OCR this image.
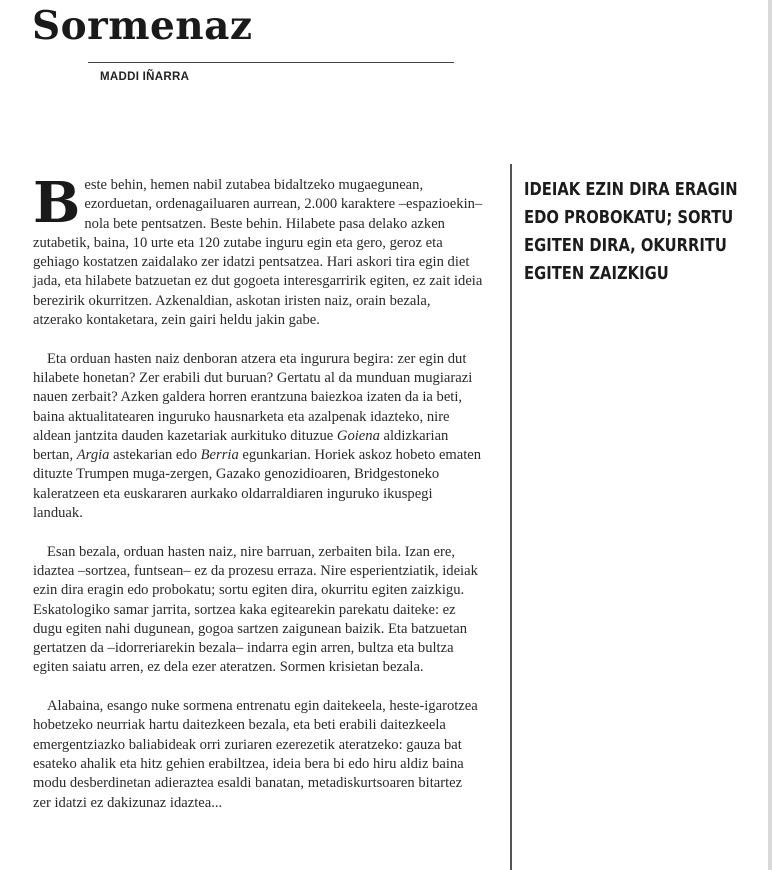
Sormenaz
MADDI IÑARRA

B este behin, hemen nabil zutabea bidaltzeko mugaegunean, ezorduetan, ordenagailuaren aurrean, 2.000 karaktere –espazioekin– nola bete pentsatzen. Beste behin. Hilabete pasa delako azken zutabetik, baina, 10 urte eta 120 zutabe inguru egin eta gero, geroz eta gehiago kostatzen zaidalako zer idatzi pentsatzea. Hari askori tira egin diet jada, eta hilabete batzuetan ez dut gogoeta interesgarririk egiten, ez zait ideia berezirik okurritzen. Azkenaldian, askotan iristen naiz, orain bezala, atzerako kontaketara, zein gairi heldu jakin gabe.

Eta orduan hasten naiz denboran atzera eta ingurura begira: zer egin dut hilabete honetan? Zer erabili dut buruan? Gertatu al da munduan mugiarazi nauen zerbait? Azken galdera horren erantzuna baiezkoa izaten da ia beti, baina aktualitatearen inguruko hausnarketa eta azalpenak idazteko, nire aldean jantzita dauden kazetariak aurkituko dituzue Goiena aldizkarian bertan, Argia astekarian edo Berria egunkarian. Horiek askoz hobeto ematen dituzte Trumpen muga-zergen, Gazako genozidioaren, Bridgestoneko kaleratzeen eta euskararen aurkako oldarraldiaren inguruko ikuspegi landuak.

Esan bezala, orduan hasten naiz, nire barruan, zerbaiten bila. Izan ere, idaztea –sortzea, funtsean– ez da prozesu erraza. Nire esperientziatik, ideiak ezin dira eragin edo probokatu; sortu egiten dira, okurritu egiten zaizkigu. Eskatologiko samar jarrita, sortzea kaka egitearekin parekatu daiteke: ez dugu egiten nahi dugunean, gogoa sartzen zaigunean baizik. Eta batzuetan gertatzen da –idorreriarekin bezala– indarra egin arren, bultza eta bultza egiten saiatu arren, ez dela ezer ateratzen. Sormen krisietan bezala.

Alabaina, esango nuke sormena entrenatu egin daitekeela, heste-igarotzea hobetzeko neurriak hartu daitezkeen bezala, eta beti erabili daitezkeela emergentziazko baliabideak orri zuriaren ezerezetik ateratzeko: gauza bat esateko ahalik eta hitz gehien erabiltzea, ideia bera bi edo hiru aldiz baina modu desberdinetan adieraztea esaldi banatan, metadiskurtsoaren bitartez zer idatzi ez dakizunaz idaztea...

IDEIAK EZIN DIRA ERAGIN EDO PROBOKATU; SORTU EGITEN DIRA, OKURRITU EGITEN ZAIZKIGU
